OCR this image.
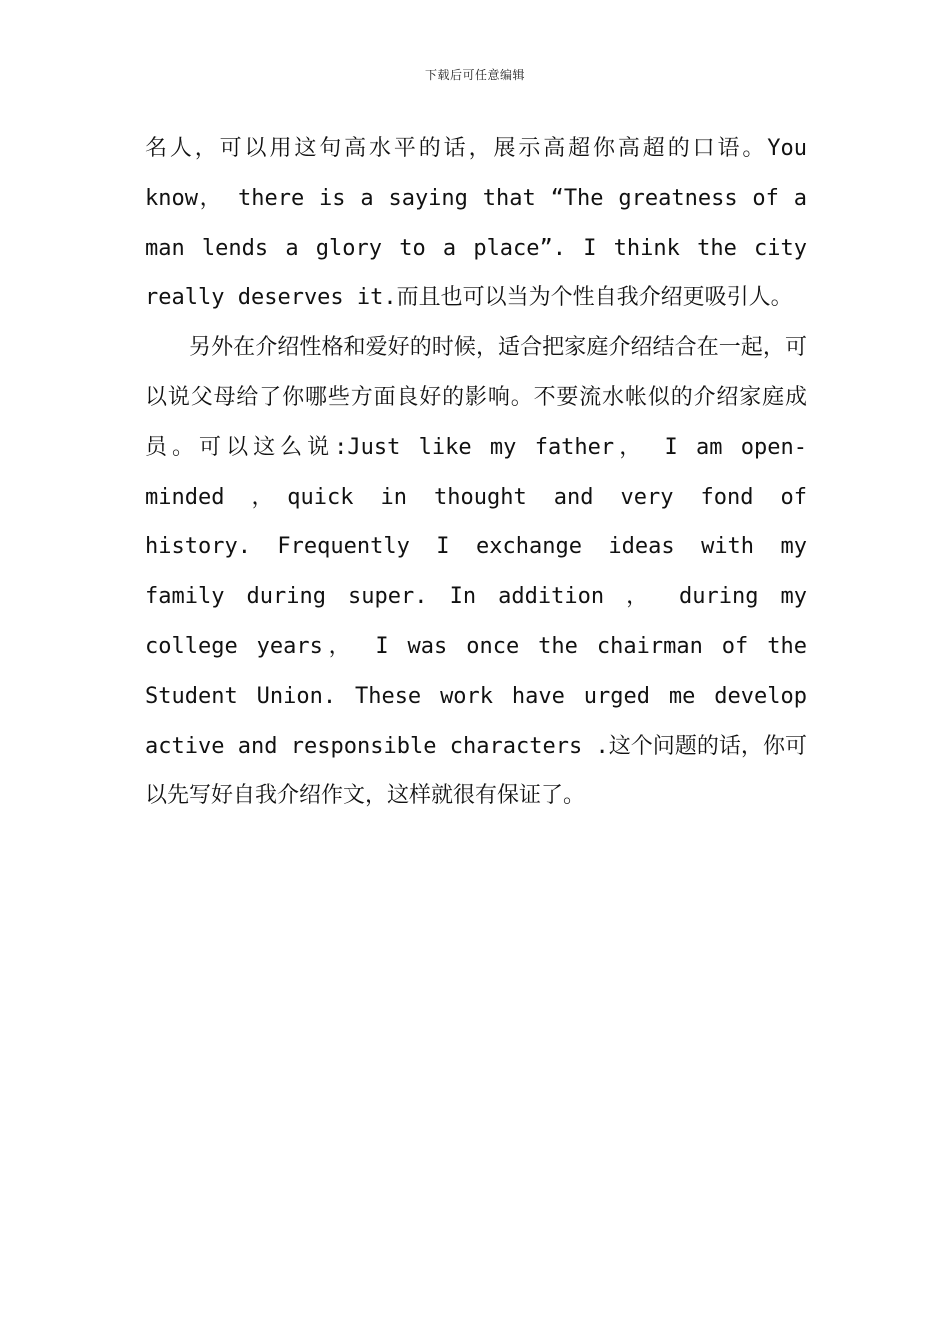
下载后可任意编辑

名人，可以用这句高水平的话，展示高超你高超的口语。You know， there is a saying that “The greatness of a man lends a glory to a place”. I think the city really deserves it.而且也可以当为个性自我介绍更吸引人。

另外在介绍性格和爱好的时候，适合把家庭介绍结合在一起，可以说父母给了你哪些方面良好的影响。不要流水帐似的介绍家庭成员。可以这么说:Just like my father， I am open-minded ，quick in thought and very fond of history. Frequently I exchange ideas with my family during super. In addition ， during my college years， I was once the chairman of the Student Union. These work have urged me develop active and responsible characters .这个问题的话，你可以先写好自我介绍作文，这样就很有保证了。
